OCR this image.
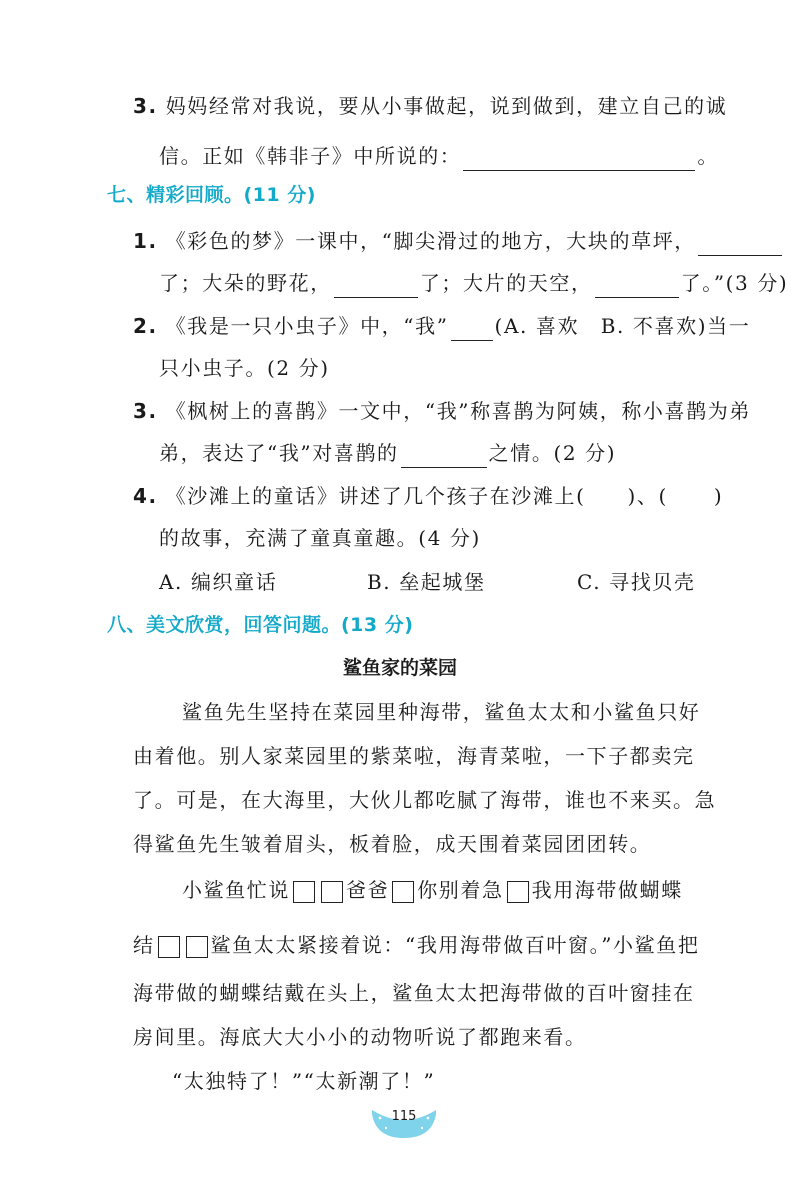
3. 妈妈经常对我说，要从小事做起，说到做到，建立自己的诚
信。正如《韩非子》中所说的：	。
七、精彩回顾。(11 分)
1. 《彩色的梦》一课中，“脚尖滑过的地方，大块的草坪，
了；大朵的野花，	了；大片的天空，	了。”(3 分)
2. 《我是一只小虫子》中，“我” (A. 喜欢　B. 不喜欢)当一
只小虫子。(2 分)
3. 《枫树上的喜鹊》一文中，“我”称喜鹊为阿姨，称小喜鹊为弟
弟，表达了“我”对喜鹊的	之情。(2 分)
4. 《沙滩上的童话》讲述了几个孩子在沙滩上( )、( )
的故事，充满了童真童趣。(4 分)
A. 编织童话	B. 垒起城堡	C. 寻找贝壳
八、美文欣赏，回答问题。(13 分)
鲨鱼家的菜园
鲨鱼先生坚持在菜园里种海带，鲨鱼太太和小鲨鱼只好
由着他。别人家菜园里的紫菜啦，海青菜啦，一下子都卖完
了。可是，在大海里，大伙儿都吃腻了海带，谁也不来买。急
得鲨鱼先生皱着眉头，板着脸，成天围着菜园团团转。
小鲨鱼忙说	爸爸 你别着急 我用海带做蝴蝶
结	鲨鱼太太紧接着说：“我用海带做百叶窗。”小鲨鱼把
海带做的蝴蝶结戴在头上，鲨鱼太太把海带做的百叶窗挂在
房间里。海底大大小小的动物听说了都跑来看。
“太独特了！”“太新潮了！”
115
